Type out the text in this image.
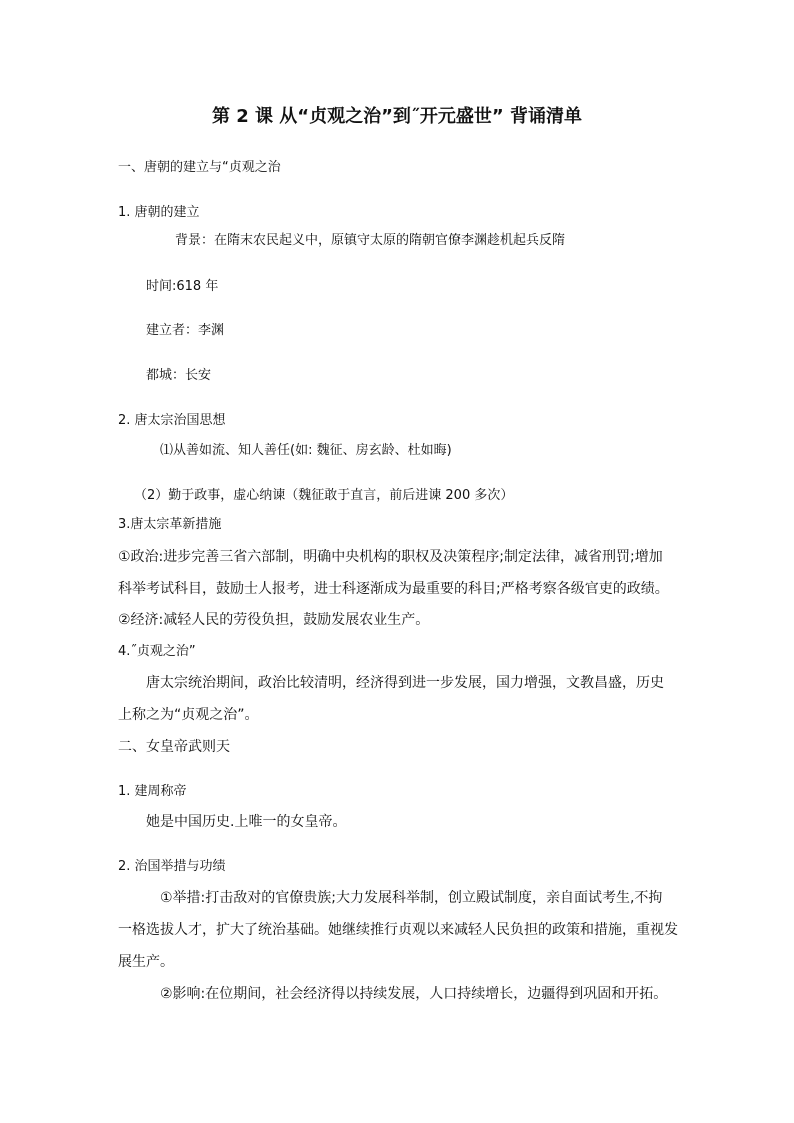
第 2 课 从“贞观之治”到˝开元盛世” 背诵清单
一、唐朝的建立与“贞观之治
1. 唐朝的建立
背景：在隋末农民起义中，原镇守太原的隋朝官僚李渊趁机起兵反隋
时间:618 年
建立者：李渊
都城：长安
2. 唐太宗治国思想
⑴从善如流、知人善任(如: 魏征、房玄龄、杜如晦)
（2）勤于政事，虚心纳谏（魏征敢于直言，前后进谏 200 多次）
3.唐太宗革新措施
①政治:进步完善三省六部制，明确中央机构的职权及决策程序;制定法律，减省刑罚;增加
科举考试科目，鼓励士人报考，进士科逐渐成为最重要的科目;严格考察各级官吏的政绩。
②经济:减轻人民的劳役负担，鼓励发展农业生产。
4.˝贞观之治”
唐太宗统治期间，政治比较清明，经济得到进一步发展，国力增强，文教昌盛，历史
上称之为“贞观之治”。
二、女皇帝武则天
1. 建周称帝
她是中国历史.上唯一的女皇帝。
2. 治国举措与功绩
①举措:打击敌对的官僚贵族;大力发展科举制，创立殿试制度，亲自面试考生,不拘
一格选拔人才，扩大了统治基础。她继续推行贞观以来减轻人民负担的政策和措施，重视发
展生产。
②影响:在位期间，社会经济得以持续发展，人口持续增长，边疆得到巩固和开拓。
